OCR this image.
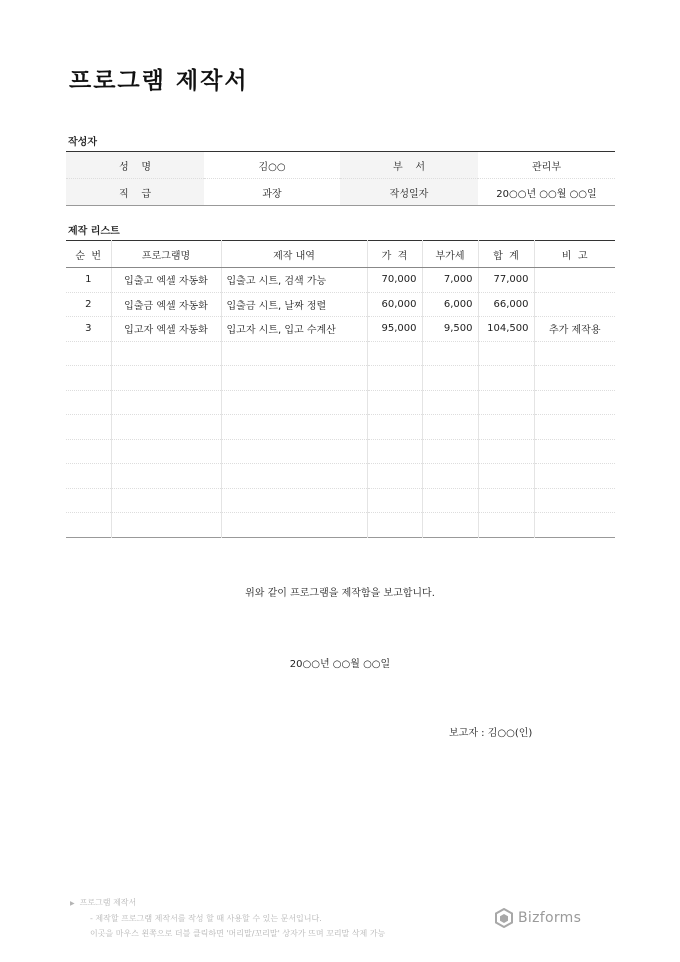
프로그램 제작서
작성자
성    명	김○○	부    서	관리부
직    급	과장	작성일자	20○○년 ○○월 ○○일
제작 리스트
순  번	프로그램명	제작 내역	가  격	부가세	합  계	비  고
1	입출고 엑셀 자동화	입출고 시트, 검색 가능	70,000	7,000	77,000	
2	입출금 엑셀 자동화	입출금 시트, 날짜 정렬	60,000	6,000	66,000	
3	입고자 엑셀 자동화	입고자 시트, 입고 수계산	95,000	9,500	104,500	추가 제작용

위와 같이 프로그램을 제작함을 보고합니다.
20○○년 ○○월 ○○일
보고자 : 김○○(인)
▶ 프로그램 제작서
- 제작할 프로그램 제작서를 작성 할 때 사용할 수 있는 문서입니다.
이곳을 마우스 왼쪽으로 더블 클릭하면 '머리말/꼬리말' 상자가 뜨며 꼬리말 삭제 가능
Bizforms
